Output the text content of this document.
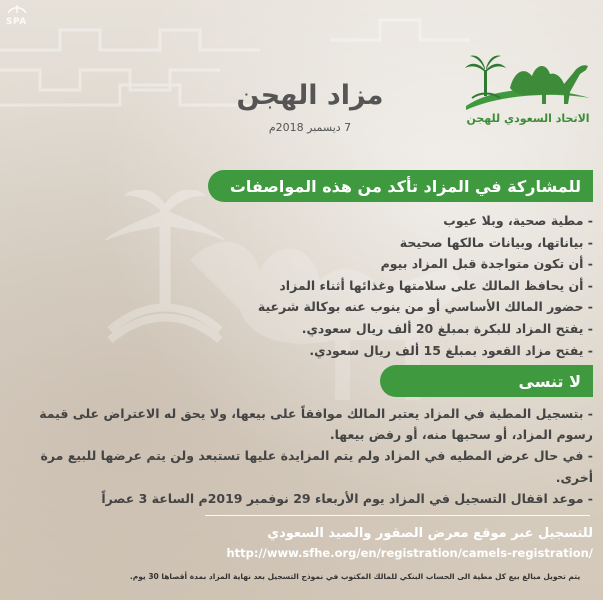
SPA
الاتحاد السعودي للهجن
مزاد الهجن
7 ديسمبر 2018م
للمشاركة في المزاد تأكد من هذه المواصفات
- مطية صحية، وبلا عيوب
- بياناتها، وبيانات مالكها صحيحة
- أن تكون متواجدة قبل المزاد بيوم
- أن يحافظ المالك على سلامتها وغذائها أثناء المزاد
- حضور المالك الأساسي أو من ينوب عنه بوكالة شرعية
- يفتح المزاد للبكرة بمبلغ 20 ألف ريال سعودي.
- يفتح مزاد القعود بمبلغ 15 ألف ريال سعودي.
لا تنسى
- بتسجيل المطية في المزاد يعتبر المالك موافقاً على بيعها، ولا يحق له الاعتراض على قيمة رسوم المزاد، أو سحبها منه، أو رفض بيعها.
- في حال عرض المطيه في المزاد ولم يتم المزايدة عليها تستبعد ولن يتم عرضها للبيع مرة أخرى.
- موعد اقفال التسجيل في المزاد يوم الأربعاء 29 نوفمبر 2019م الساعة 3 عصراً
للتسجيل عبر موقع معرض الصقور والصيد السعودي
http://www.sfhe.org/en/registration/camels-registration/
يتم تحويل مبالغ بيع كل مطية الى الحساب البنكي للمالك المكتوب في نموذج التسجيل بعد نهاية المزاد بمدة أقصاها 30 يوم.
